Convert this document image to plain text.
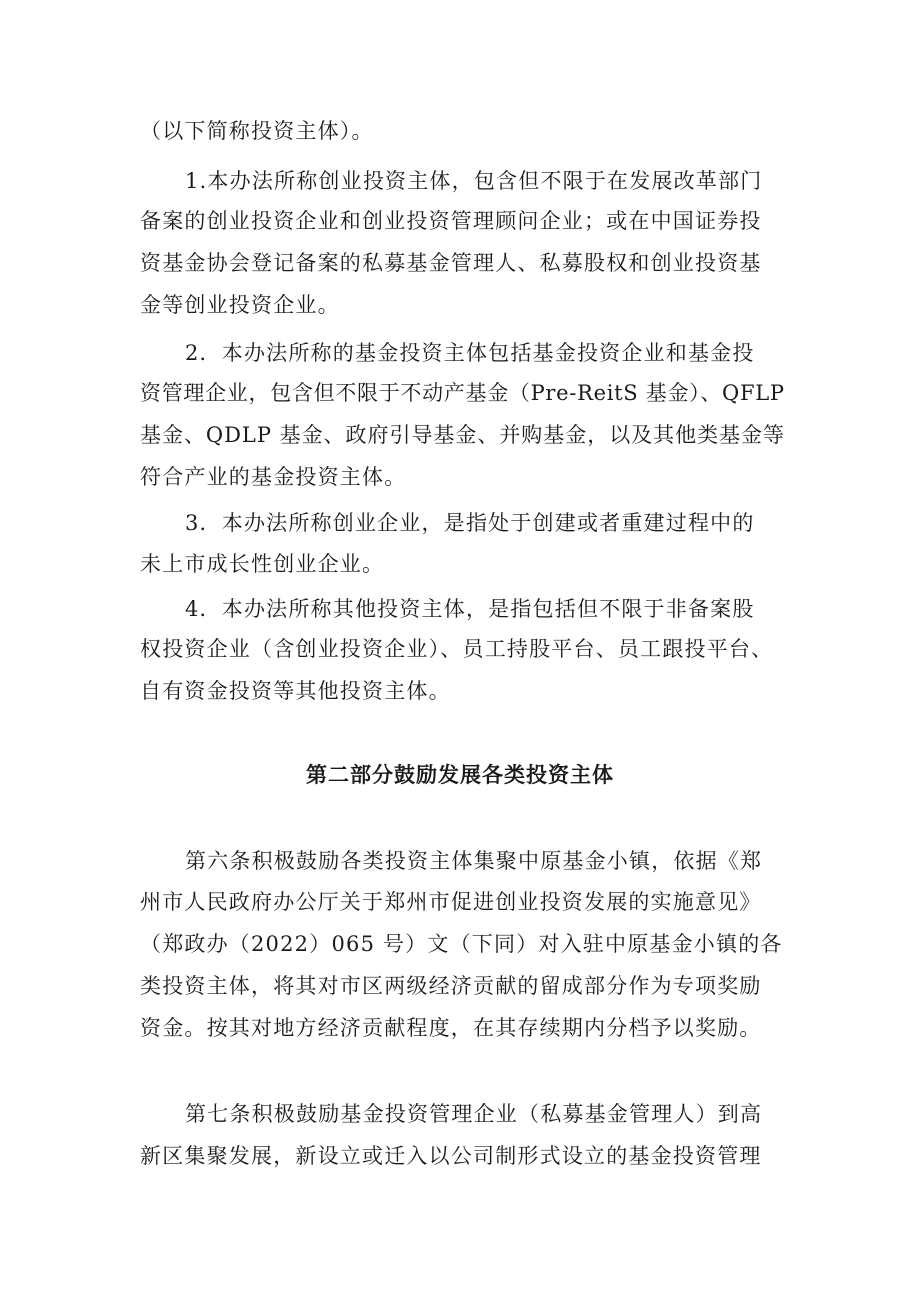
（以下简称投资主体）。
1.本办法所称创业投资主体，包含但不限于在发展改革部门
备案的创业投资企业和创业投资管理顾问企业；或在中国证券投
资基金协会登记备案的私募基金管理人、私募股权和创业投资基
金等创业投资企业。
2．本办法所称的基金投资主体包括基金投资企业和基金投
资管理企业，包含但不限于不动产基金（Pre-ReitS 基金）、QFLP
基金、QDLP 基金、政府引导基金、并购基金，以及其他类基金等
符合产业的基金投资主体。
3．本办法所称创业企业，是指处于创建或者重建过程中的
未上市成长性创业企业。
4．本办法所称其他投资主体，是指包括但不限于非备案股
权投资企业（含创业投资企业）、员工持股平台、员工跟投平台、
自有资金投资等其他投资主体。
第二部分鼓励发展各类投资主体
第六条积极鼓励各类投资主体集聚中原基金小镇，依据《郑
州市人民政府办公厅关于郑州市促进创业投资发展的实施意见》
（郑政办（2022）065 号）文（下同）对入驻中原基金小镇的各
类投资主体，将其对市区两级经济贡献的留成部分作为专项奖励
资金。按其对地方经济贡献程度，在其存续期内分档予以奖励。
第七条积极鼓励基金投资管理企业（私募基金管理人）到高
新区集聚发展，新设立或迁入以公司制形式设立的基金投资管理
